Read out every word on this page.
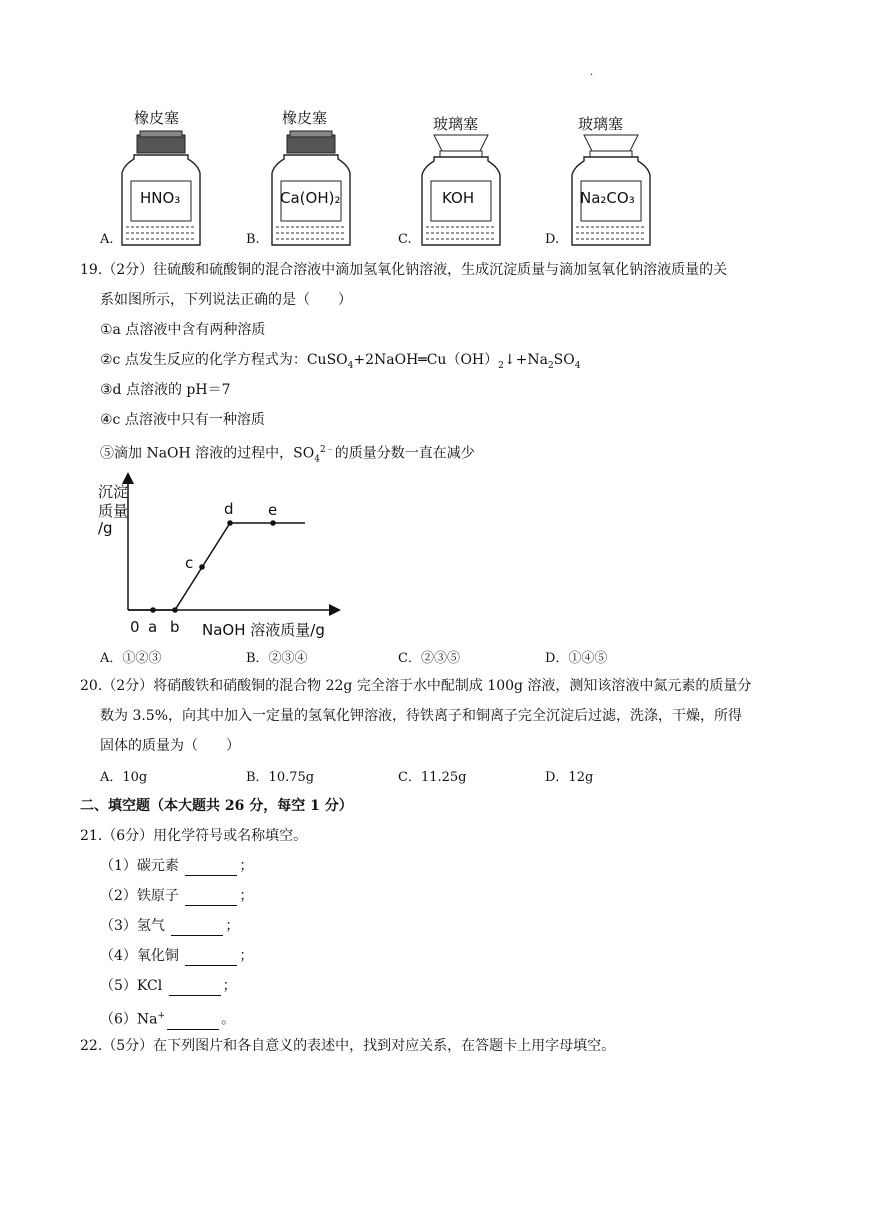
·
橡皮塞	橡皮塞	玻璃塞	玻璃塞
HNO₃	Ca(OH)₂	KOH	Na₂CO₃
A.	B.	C.	D.
19.（2分）往硫酸和硫酸铜的混合溶液中滴加氢氧化钠溶液，生成沉淀质量与滴加氢氧化钠溶液质量的关
系如图所示，下列说法正确的是（　　）
①a 点溶液中含有两种溶质
②c 点发生反应的化学方程式为：$CuSO_4+2NaOH═Cu(OH)_2↓+Na_2SO_4$
③d 点溶液的 pH＝7
④c 点溶液中只有一种溶质
⑤滴加 NaOH 溶液的过程中，$SO_4^{2﹣}$的质量分数一直在减少
沉淀
质量
/g
0 a b
c
d e
NaOH 溶液质量/g
A．①②③	B．②③④	C．②③⑤	D．①④⑤
20.（2分）将硝酸铁和硝酸铜的混合物 22g 完全溶于水中配制成 100g 溶液，测知该溶液中氮元素的质量分
数为 3.5%，向其中加入一定量的氢氧化钾溶液，待铁离子和铜离子完全沉淀后过滤，洗涤，干燥，所得
固体的质量为（　　）
A．10g	B．10.75g	C．11.25g	D．12g
二、填空题（本大题共 26 分，每空 1 分）
21.（6分）用化学符号或名称填空。
（1）碳元素	；
（2）铁原子	；
（3）氢气	；
（4）氧化铜	；
（5）KCl	；
（6）Na+	。
22.（5分）在下列图片和各自意义的表述中，找到对应关系，在答题卡上用字母填空。
